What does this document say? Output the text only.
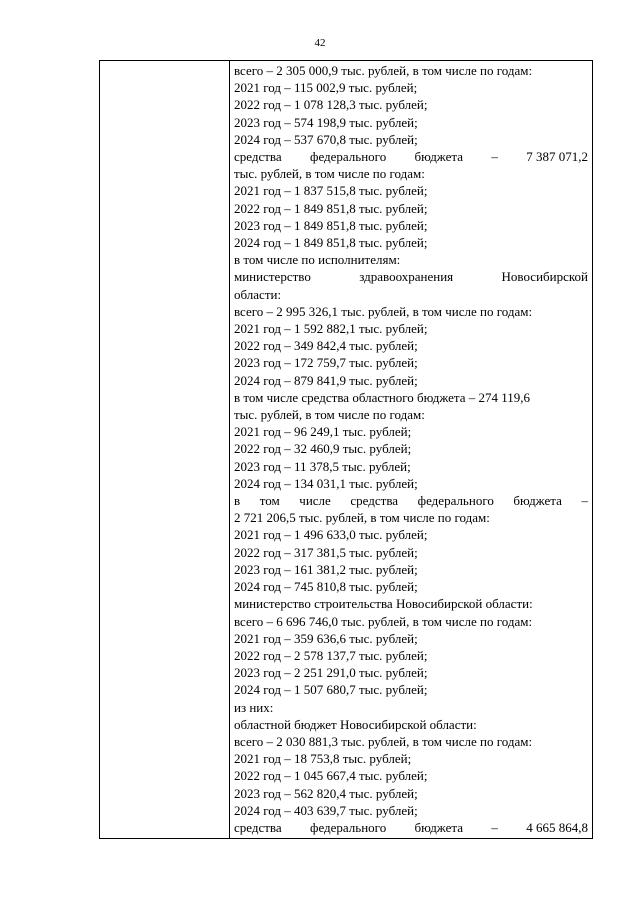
42
всего – 2 305 000,9 тыс. рублей, в том числе по годам:
2021 год – 115 002,9 тыс. рублей;
2022 год – 1 078 128,3 тыс. рублей;
2023 год – 574 198,9 тыс. рублей;
2024 год – 537 670,8 тыс. рублей;
средства федерального бюджета – 7 387 071,2
тыс. рублей, в том числе по годам:
2021 год – 1 837 515,8 тыс. рублей;
2022 год – 1 849 851,8 тыс. рублей;
2023 год – 1 849 851,8 тыс. рублей;
2024 год – 1 849 851,8 тыс. рублей;
в том числе по исполнителям:
министерство	здравоохранения	Новосибирской
области:
всего – 2 995 326,1 тыс. рублей, в том числе по годам:
2021 год – 1 592 882,1 тыс. рублей;
2022 год – 349 842,4 тыс. рублей;
2023 год – 172 759,7 тыс. рублей;
2024 год – 879 841,9 тыс. рублей;
в том числе средства областного бюджета – 274 119,6
тыс. рублей, в том числе по годам:
2021 год – 96 249,1 тыс. рублей;
2022 год – 32 460,9 тыс. рублей;
2023 год – 11 378,5 тыс. рублей;
2024 год – 134 031,1 тыс. рублей;
в том числе средства федерального бюджета –
2 721 206,5 тыс. рублей, в том числе по годам:
2021 год – 1 496 633,0 тыс. рублей;
2022 год – 317 381,5 тыс. рублей;
2023 год – 161 381,2 тыс. рублей;
2024 год – 745 810,8 тыс. рублей;
министерство строительства Новосибирской области:
всего – 6 696 746,0 тыс. рублей, в том числе по годам:
2021 год – 359 636,6 тыс. рублей;
2022 год – 2 578 137,7 тыс. рублей;
2023 год – 2 251 291,0 тыс. рублей;
2024 год – 1 507 680,7 тыс. рублей;
из них:
областной бюджет Новосибирской области:
всего – 2 030 881,3 тыс. рублей, в том числе по годам:
2021 год – 18 753,8 тыс. рублей;
2022 год – 1 045 667,4 тыс. рублей;
2023 год – 562 820,4 тыс. рублей;
2024 год – 403 639,7 тыс. рублей;
средства федерального бюджета – 4 665 864,8
